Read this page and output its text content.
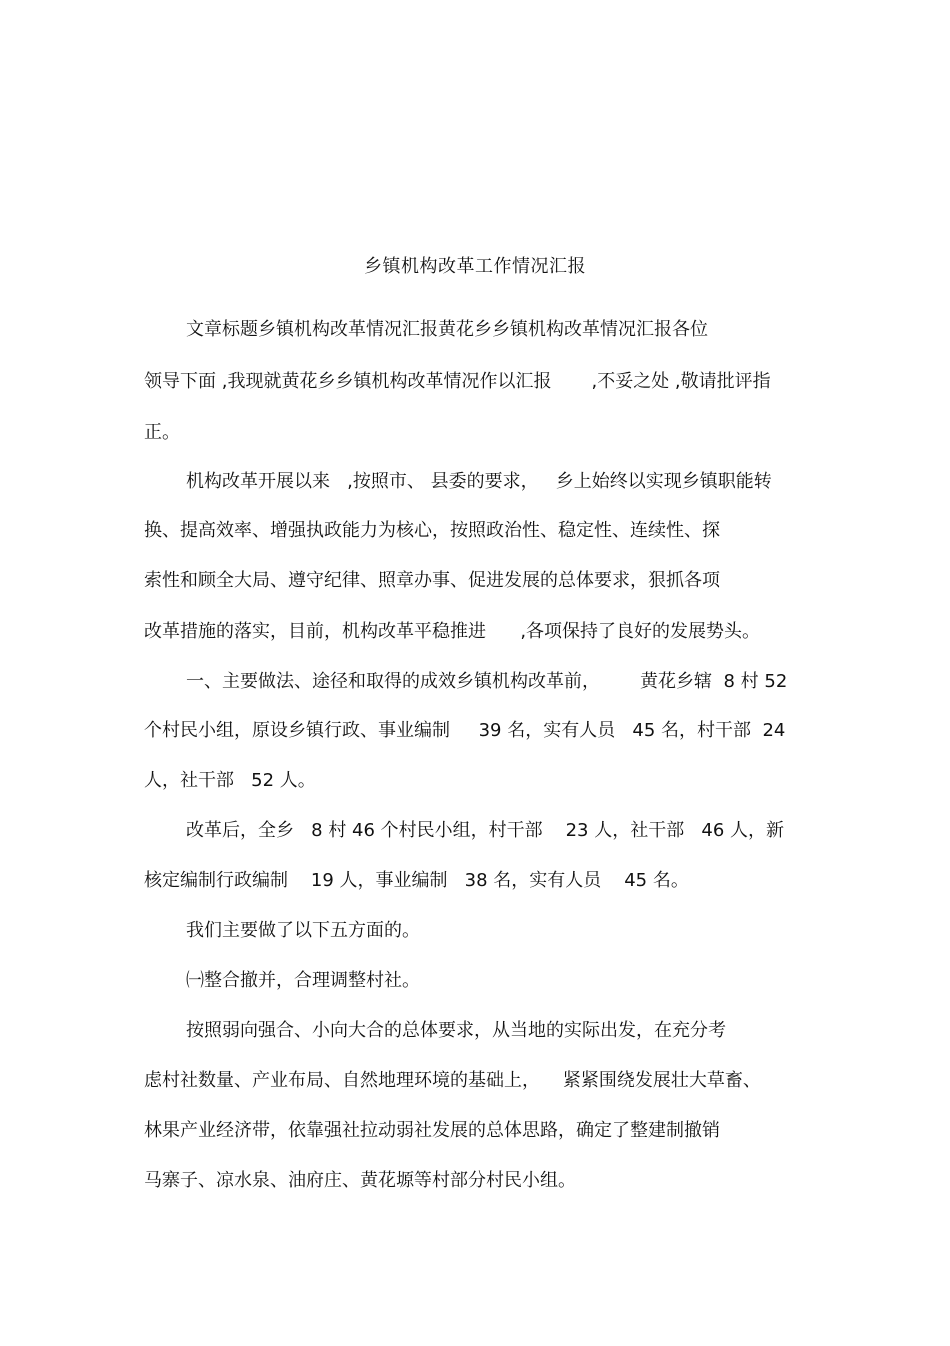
乡镇机构改革工作情况汇报
文章标题乡镇机构改革情况汇报黄花乡乡镇机构改革情况汇报各位
领导下面 ,我现就黄花乡乡镇机构改革情况作以汇报       ,不妥之处 ,敬请批评指
正。
机构改革开展以来   ,按照市、 县委的要求，   乡上始终以实现乡镇职能转
换、提高效率、增强执政能力为核心，按照政治性、稳定性、连续性、探
索性和顾全大局、遵守纪律、照章办事、促进发展的总体要求，狠抓各项
改革措施的落实，目前，机构改革平稳推进      ,各项保持了良好的发展势头。
一、主要做法、途径和取得的成效乡镇机构改革前，       黄花乡辖  8 村 52
个村民小组，原设乡镇行政、事业编制     39 名，实有人员   45 名，村干部  24
人，社干部   52 人。
改革后，全乡   8 村 46 个村民小组，村干部    23 人，社干部   46 人，新
核定编制行政编制    19 人，事业编制   38 名，实有人员    45 名。
我们主要做了以下五方面的。
㈠整合撤并，合理调整村社。
按照弱向强合、小向大合的总体要求，从当地的实际出发，在充分考
虑村社数量、产业布局、自然地理环境的基础上，    紧紧围绕发展壮大草畜、
林果产业经济带，依靠强社拉动弱社发展的总体思路，确定了整建制撤销
马寨子、凉水泉、油府庄、黄花塬等村部分村民小组。
